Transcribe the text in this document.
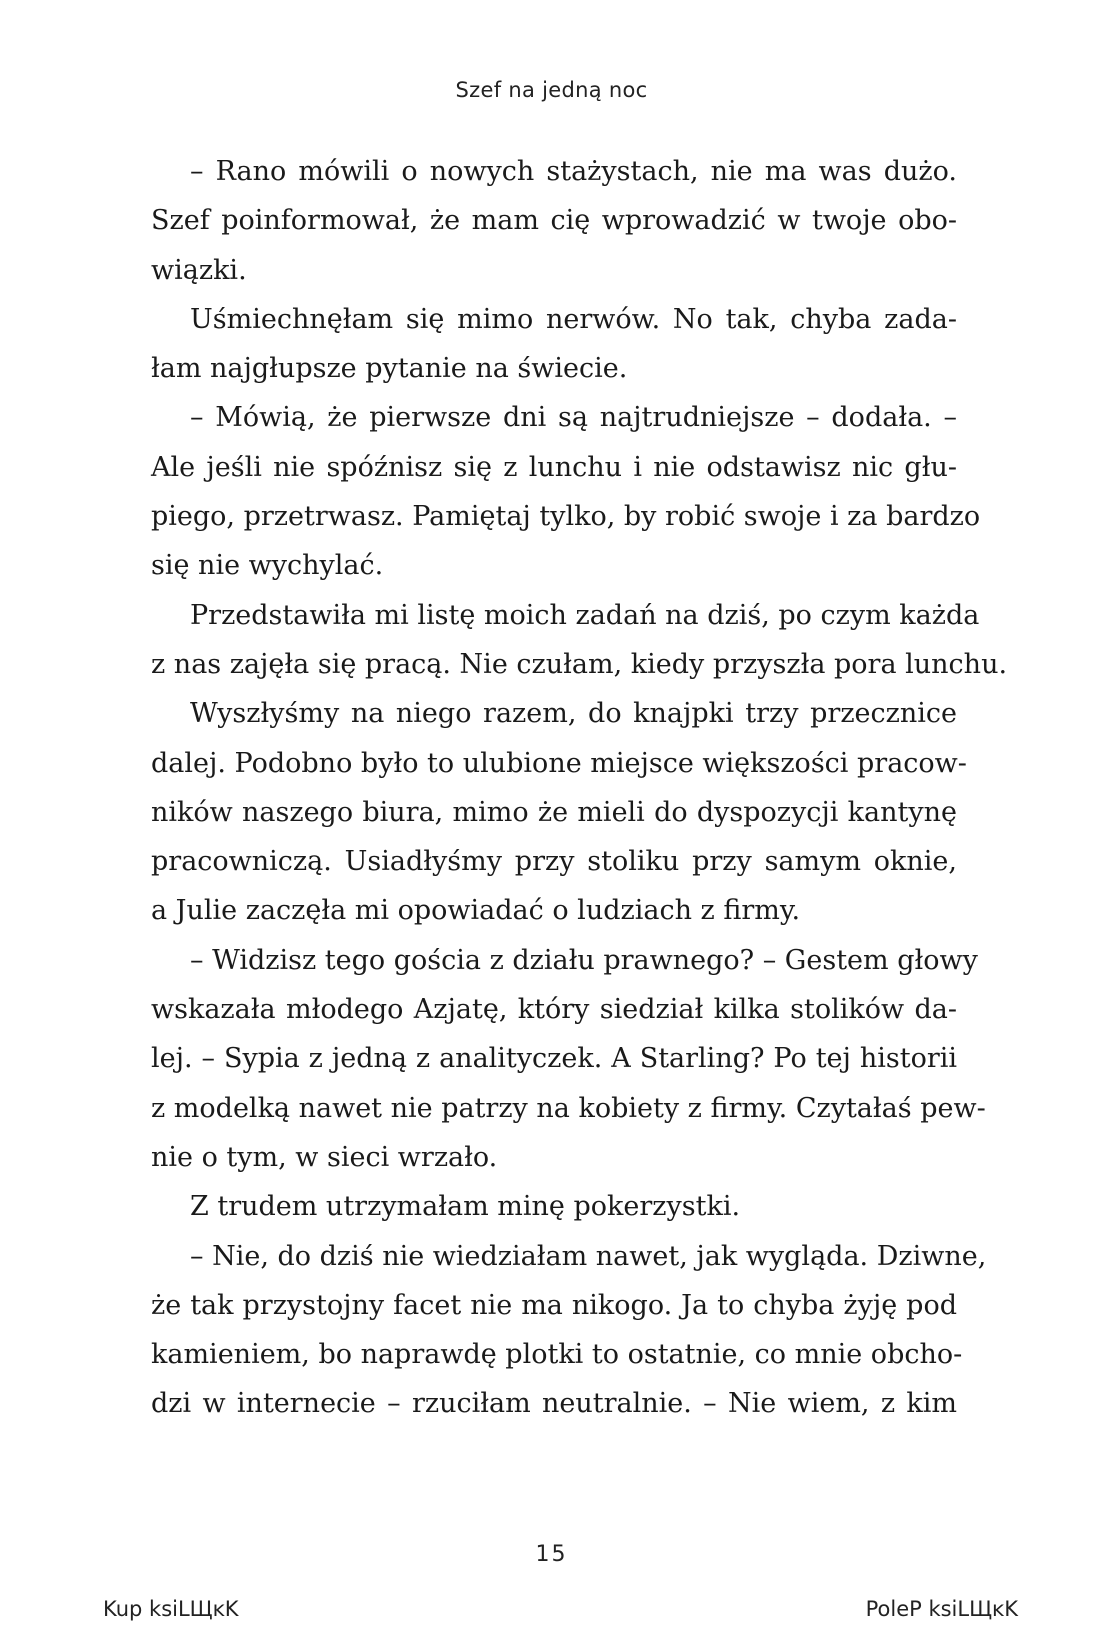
Szef na jedną noc
– Rano mówili o nowych stażystach, nie ma was dużo.
Szef poinformował, że mam cię wprowadzić w twoje obo-
wiązki.
Uśmiechnęłam się mimo nerwów. No tak, chyba zada-
łam najgłupsze pytanie na świecie.
– Mówią, że pierwsze dni są najtrudniejsze – dodała. –
Ale jeśli nie spóźnisz się z lunchu i nie odstawisz nic głu-
piego, przetrwasz. Pamiętaj tylko, by robić swoje i za bardzo
się nie wychylać.
Przedstawiła mi listę moich zadań na dziś, po czym każda
z nas zajęła się pracą. Nie czułam, kiedy przyszła pora lunchu.
Wyszłyśmy na niego razem, do knajpki trzy przecznice
dalej. Podobno było to ulubione miejsce większości pracow-
ników naszego biura, mimo że mieli do dyspozycji kantynę
pracowniczą. Usiadłyśmy przy stoliku przy samym oknie,
a Julie zaczęła mi opowiadać o ludziach z firmy.
– Widzisz tego gościa z działu prawnego? – Gestem głowy
wskazała młodego Azjatę, który siedział kilka stolików da-
lej. – Sypia z jedną z analityczek. A Starling? Po tej historii
z modelką nawet nie patrzy na kobiety z firmy. Czytałaś pew-
nie o tym, w sieci wrzało.
Z trudem utrzymałam minę pokerzystki.
– Nie, do dziś nie wiedziałam nawet, jak wygląda. Dziwne,
że tak przystojny facet nie ma nikogo. Ja to chyba żyję pod
kamieniem, bo naprawdę plotki to ostatnie, co mnie obcho-
dzi w internecie – rzuciłam neutralnie. – Nie wiem, z kim
15
Kup ksiLЩĸK	PoleP ksiLЩĸK
